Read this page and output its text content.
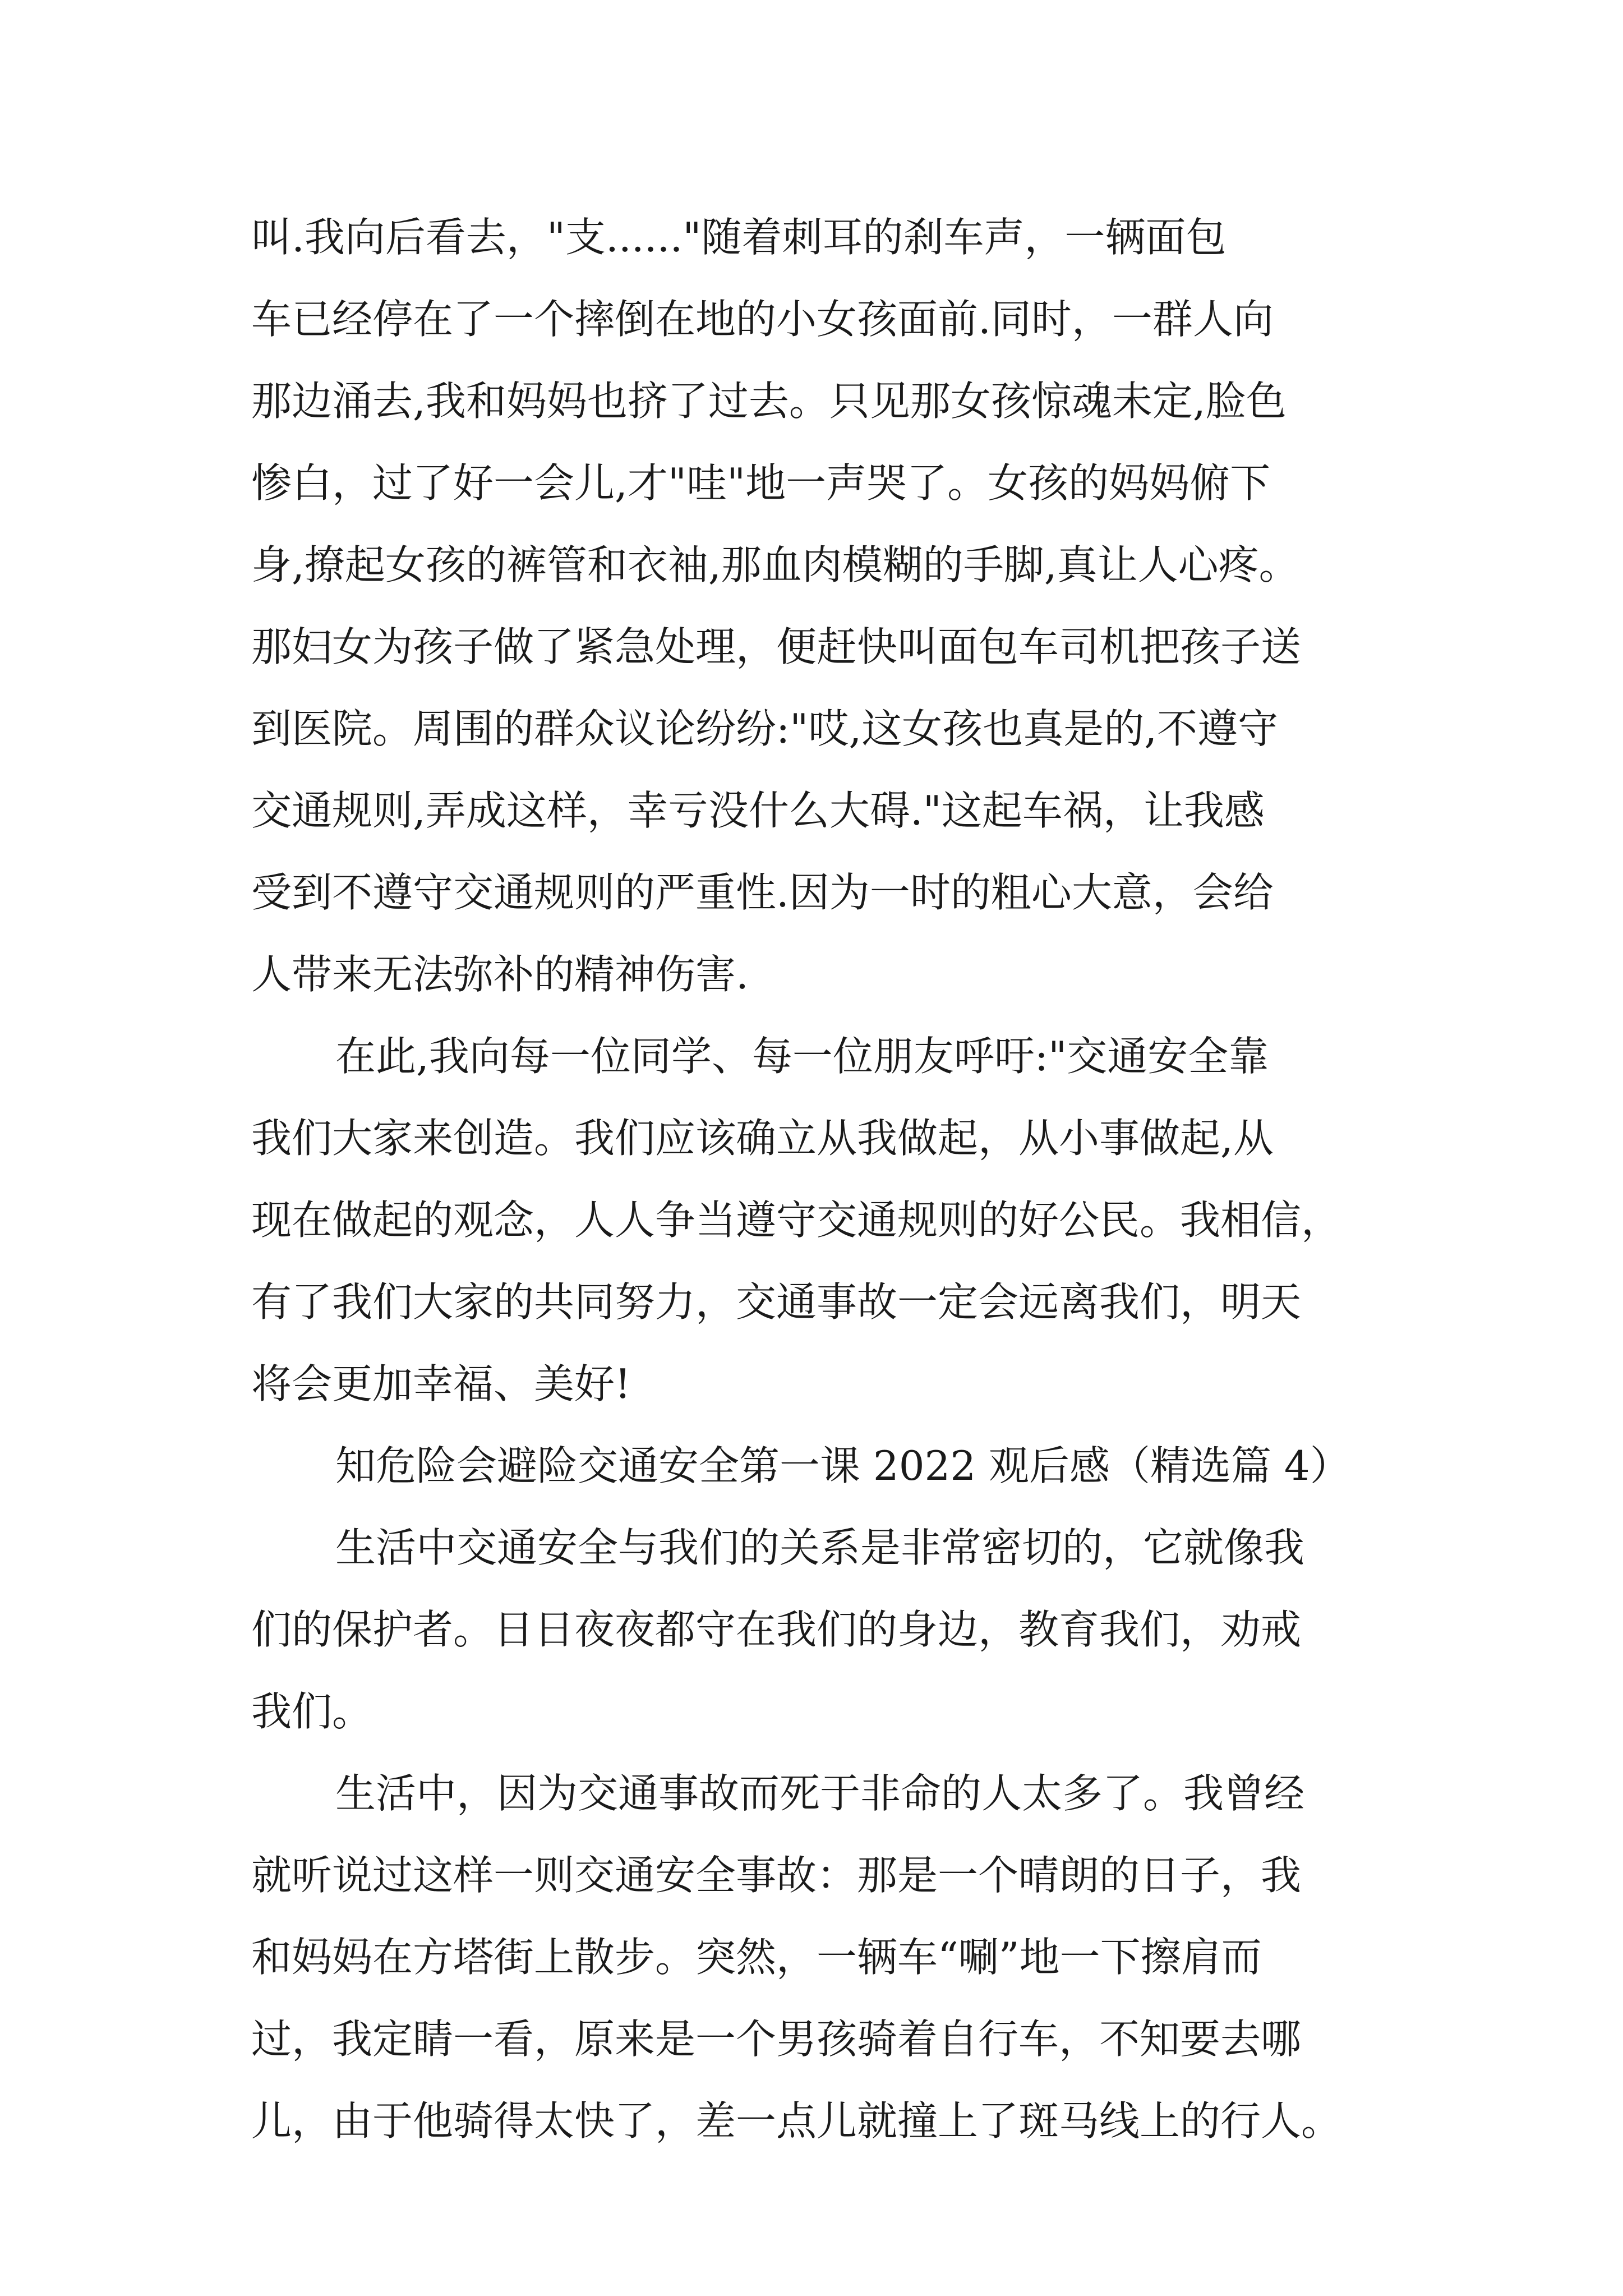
叫.我向后看去，"支......"随着刺耳的刹车声，一辆面包
车已经停在了一个摔倒在地的小女孩面前.同时，一群人向
那边涌去,我和妈妈也挤了过去。只见那女孩惊魂未定,脸色
惨白，过了好一会儿,才"哇"地一声哭了。女孩的妈妈俯下
身,撩起女孩的裤管和衣袖,那血肉模糊的手脚,真让人心疼。
那妇女为孩子做了紧急处理，便赶快叫面包车司机把孩子送
到医院。周围的群众议论纷纷:"哎,这女孩也真是的,不遵守
交通规则,弄成这样，幸亏没什么大碍."这起车祸，让我感
受到不遵守交通规则的严重性.因为一时的粗心大意，会给
人带来无法弥补的精神伤害.
在此,我向每一位同学、每一位朋友呼吁:"交通安全靠
我们大家来创造。我们应该确立从我做起，从小事做起,从
现在做起的观念，人人争当遵守交通规则的好公民。我相信，
有了我们大家的共同努力，交通事故一定会远离我们，明天
将会更加幸福、美好!
知危险会避险交通安全第一课 2022 观后感（精选篇 4）
生活中交通安全与我们的关系是非常密切的，它就像我
们的保护者。日日夜夜都守在我们的身边，教育我们，劝戒
我们。
生活中，因为交通事故而死于非命的人太多了。我曾经
就听说过这样一则交通安全事故：那是一个晴朗的日子，我
和妈妈在方塔街上散步。突然，一辆车“唰”地一下擦肩而
过，我定睛一看，原来是一个男孩骑着自行车，不知要去哪
儿，由于他骑得太快了，差一点儿就撞上了斑马线上的行人。
